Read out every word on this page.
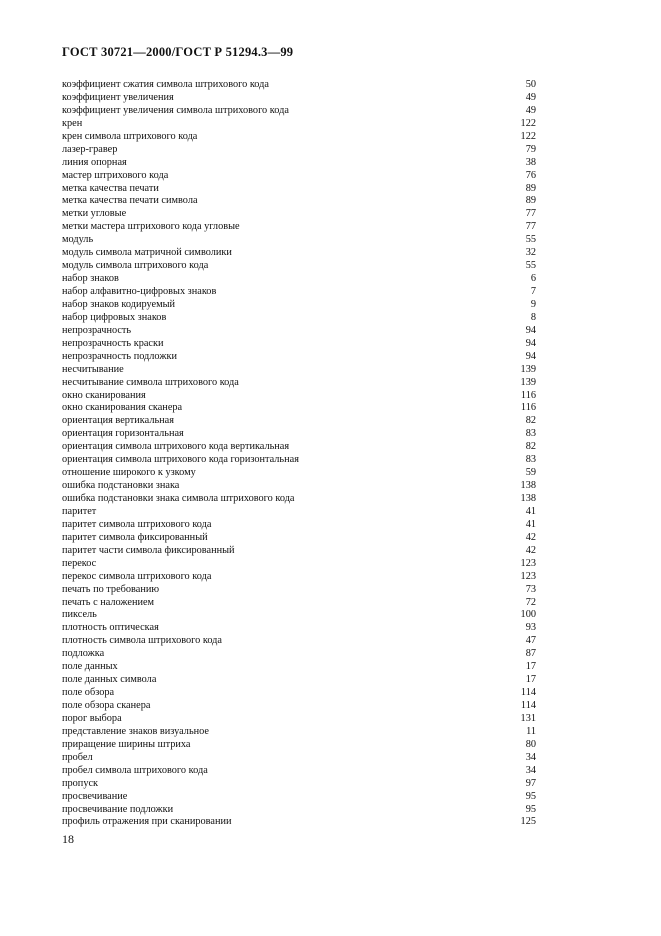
ГОСТ 30721—2000/ГОСТ Р 51294.3—99
коэффициент сжатия символа штрихового кода	50
коэффициент увеличения	49
коэффициент увеличения символа штрихового кода	49
крен	122
крен символа штрихового кода	122
лазер-гравер	79
линия опорная	38
мастер штрихового кода	76
метка качества печати	89
метка качества печати символа	89
метки угловые	77
метки мастера штрихового кода угловые	77
модуль	55
модуль символа матричной символики	32
модуль символа штрихового кода	55
набор знаков	6
набор алфавитно-цифровых знаков	7
набор знаков кодируемый	9
набор цифровых знаков	8
непрозрачность	94
непрозрачность краски	94
непрозрачность подложки	94
несчитывание	139
несчитывание символа штрихового кода	139
окно сканирования	116
окно сканирования сканера	116
ориентация вертикальная	82
ориентация горизонтальная	83
ориентация символа штрихового кода вертикальная	82
ориентация символа штрихового кода горизонтальная	83
отношение широкого к узкому	59
ошибка подстановки знака	138
ошибка подстановки знака символа штрихового кода	138
паритет	41
паритет символа штрихового кода	41
паритет символа фиксированный	42
паритет части символа фиксированный	42
перекос	123
перекос символа штрихового кода	123
печать по требованию	73
печать с наложением	72
пиксель	100
плотность оптическая	93
плотность символа штрихового кода	47
подложка	87
поле данных	17
поле данных символа	17
поле обзора	114
поле обзора сканера	114
порог выбора	131
представление знаков визуальное	11
приращение ширины штриха	80
пробел	34
пробел символа штрихового кода	34
пропуск	97
просвечивание	95
просвечивание подложки	95
профиль отражения при сканировании	125
18
